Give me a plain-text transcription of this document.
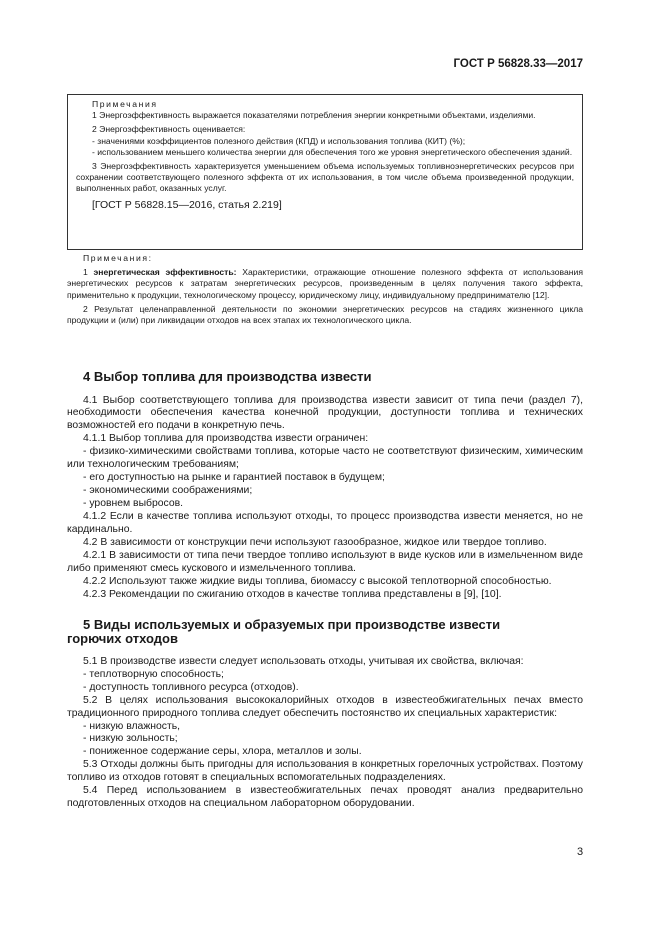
ГОСТ Р 56828.33—2017

Примечания

1 Энергоэффективность выражается показателями потребления энергии конкретными объектами, изделиями.

2 Энергоэффективность оценивается:

- значениями коэффициентов полезного действия (КПД) и использования топлива (КИТ) (%);

- использованием меньшего количества энергии для обеспечения того же уровня энергетического обеспечения зданий.

3 Энергоэффективность характеризуется уменьшением объема используемых топливноэнергетических ресурсов при сохранении соответствующего полезного эффекта от их использования, в том числе объема произведенной продукции, выполненных работ, оказанных услуг.

[ГОСТ Р 56828.15—2016, статья 2.219]

Примечания:

1 энергетическая эффективность: Характеристики, отражающие отношение полезного эффекта от использования энергетических ресурсов к затратам энергетических ресурсов, произведенным в целях получения такого эффекта, применительно к продукции, технологическому процессу, юридическому лицу, индивидуальному предпринимателю [12].

2 Результат целенаправленной деятельности по экономии энергетических ресурсов на стадиях жизненного цикла продукции и (или) при ликвидации отходов на всех этапах их технологического цикла.

4 Выбор топлива для производства извести

4.1 Выбор соответствующего топлива для производства извести зависит от типа печи (раздел 7), необходимости обеспечения качества конечной продукции, доступности топлива и технических возможностей его подачи в конкретную печь.

4.1.1 Выбор топлива для производства извести ограничен:

- физико-химическими свойствами топлива, которые часто не соответствуют физическим, химическим или технологическим требованиям;

- его доступностью на рынке и гарантией поставок в будущем;

- экономическими соображениями;

- уровнем выбросов.

4.1.2 Если в качестве топлива используют отходы, то процесс производства извести меняется, но не кардинально.

4.2 В зависимости от конструкции печи используют газообразное, жидкое или твердое топливо.

4.2.1 В зависимости от типа печи твердое топливо используют в виде кусков или в измельченном виде либо применяют смесь кускового и измельченного топлива.

4.2.2 Используют также жидкие виды топлива, биомассу с высокой теплотворной способностью.

4.2.3 Рекомендации по сжиганию отходов в качестве топлива представлены в [9], [10].

5 Виды используемых и образуемых при производстве извести
горючих отходов

5.1 В производстве извести следует использовать отходы, учитывая их свойства, включая:

- теплотворную способность;

- доступность топливного ресурса (отходов).

5.2 В целях использования высококалорийных отходов в известеобжигательных печах вместо традиционного природного топлива следует обеспечить постоянство их специальных характеристик:

- низкую влажность,

- низкую зольность;

- пониженное содержание серы, хлора, металлов и золы.

5.3 Отходы должны быть пригодны для использования в конкретных горелочных устройствах. Поэтому топливо из отходов готовят в специальных вспомогательных подразделениях.

5.4 Перед использованием в известеобжигательных печах проводят анализ предварительно подготовленных отходов на специальном лабораторном оборудовании.

3
